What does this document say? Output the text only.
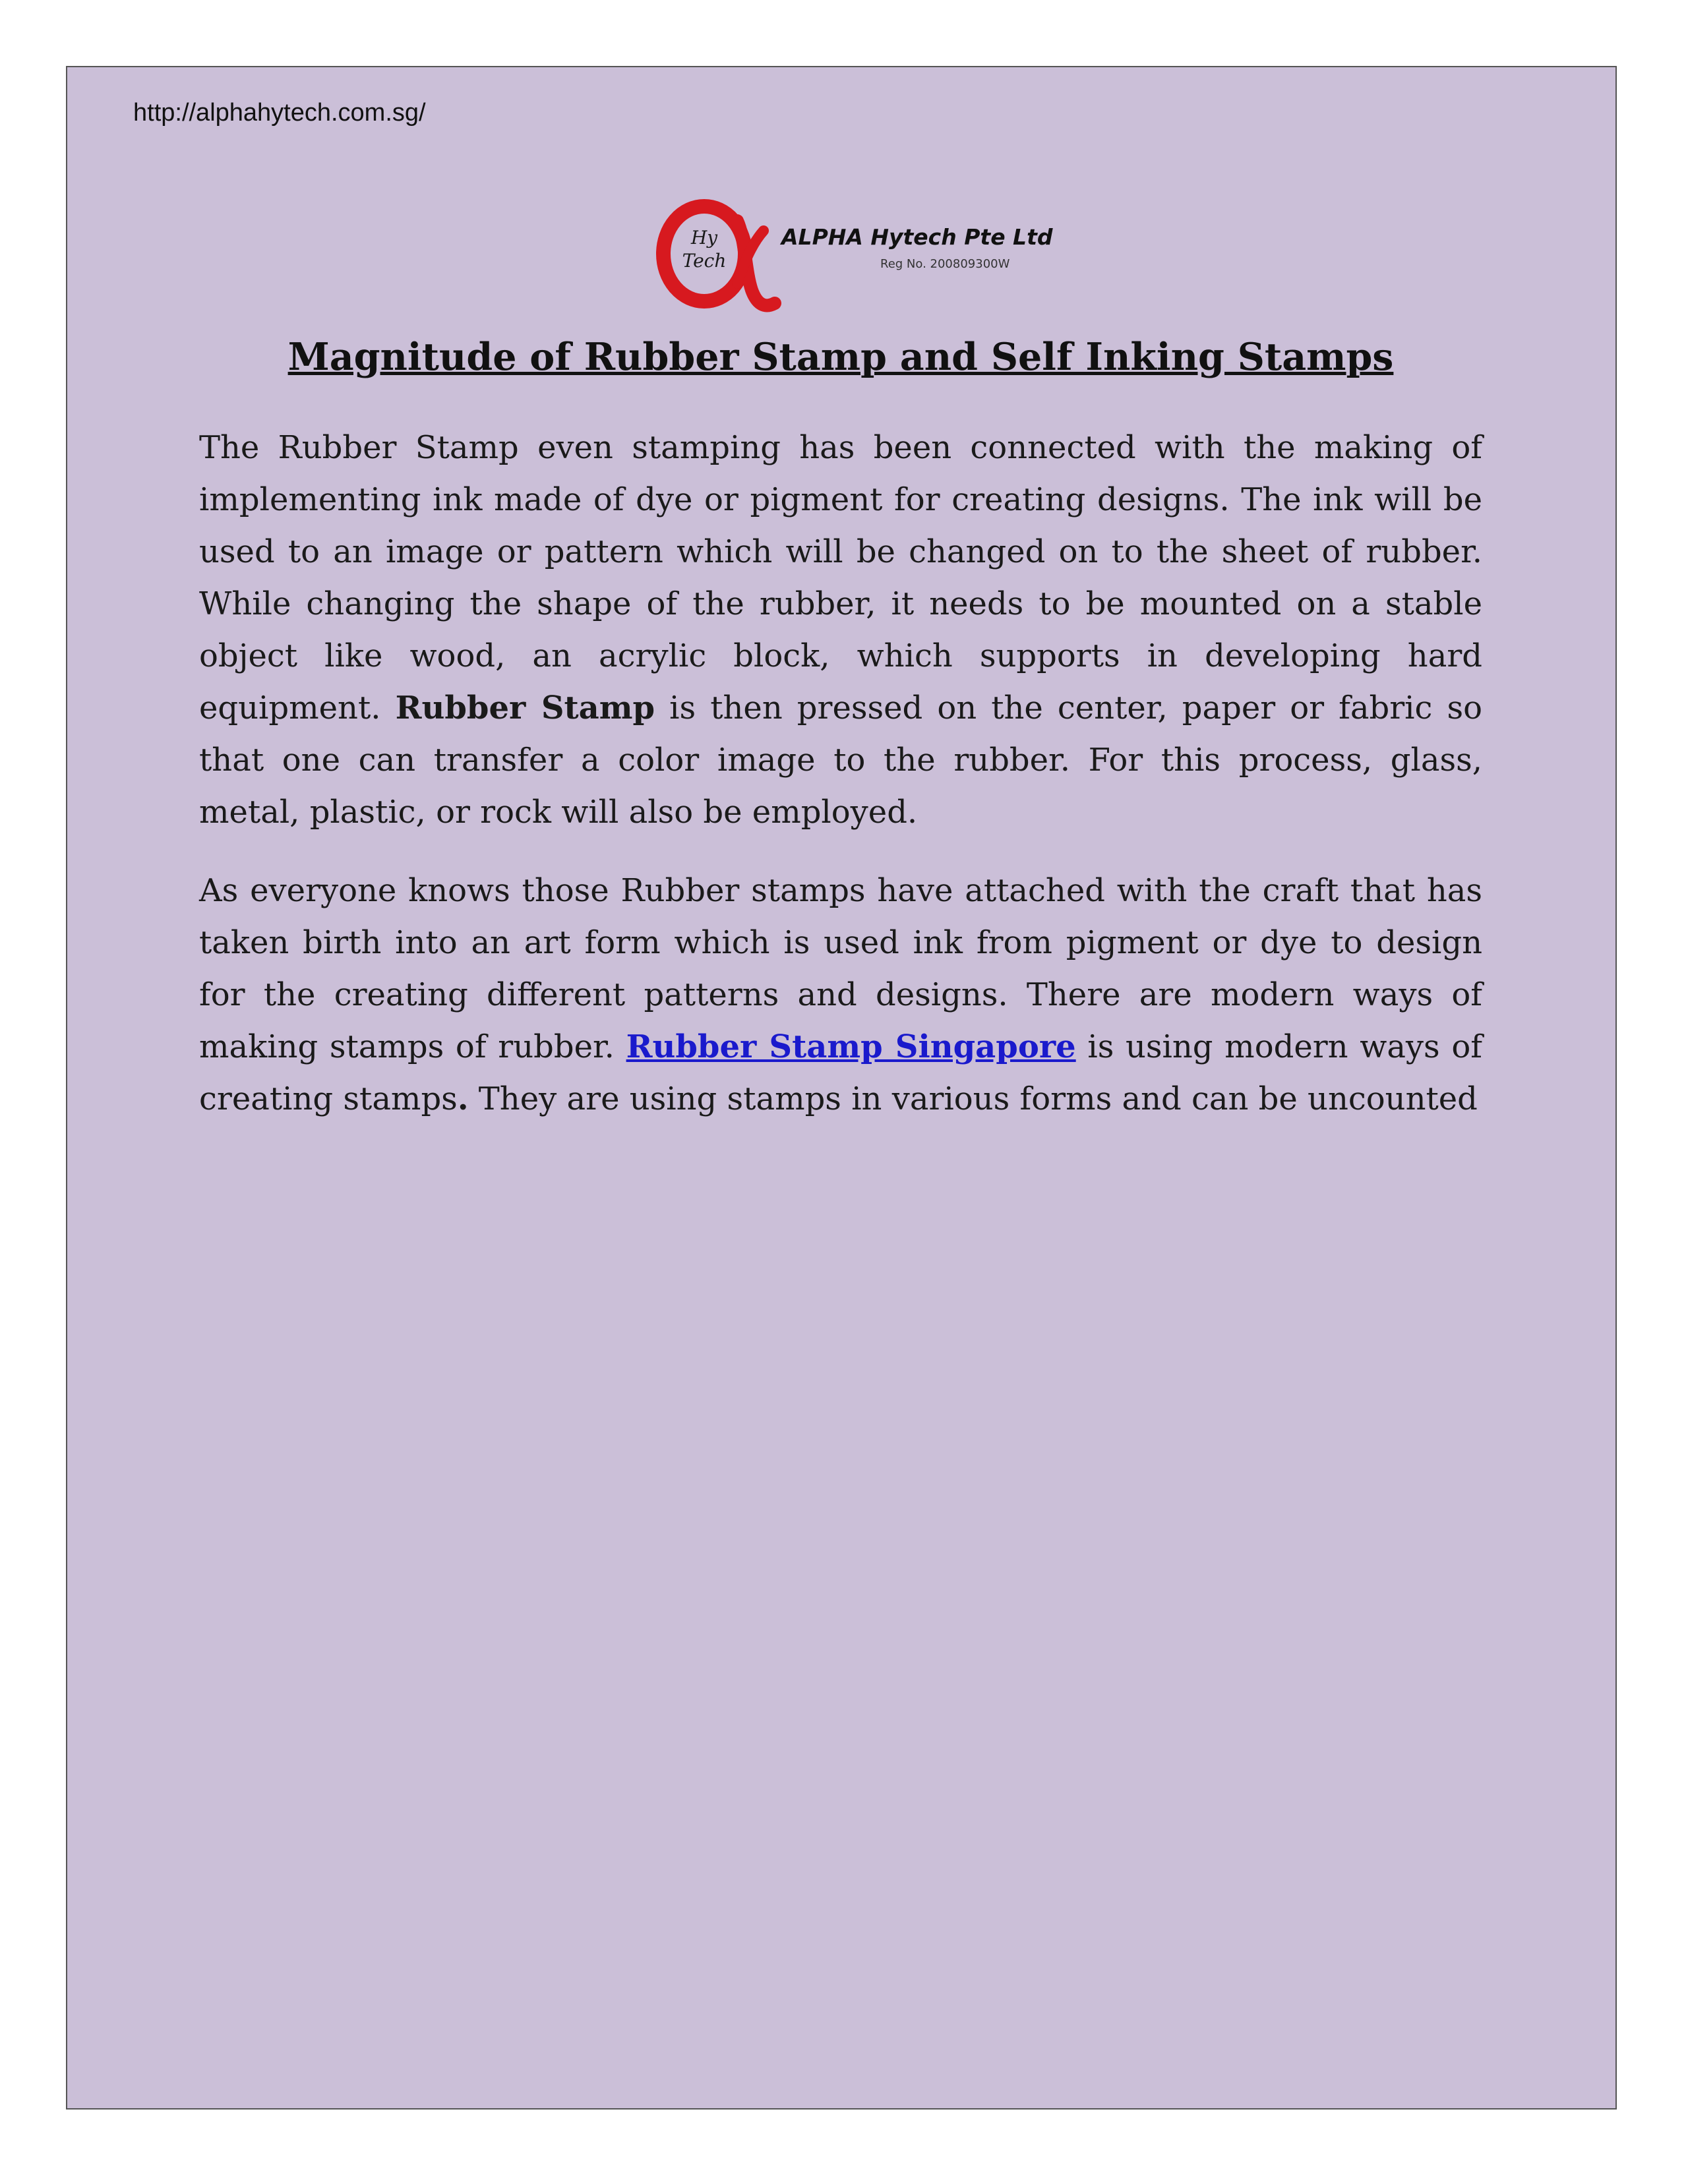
http://alphahytech.com.sg/
Hy
Tech
ALPHA Hytech Pte Ltd
Reg No. 200809300W
Magnitude of Rubber Stamp and Self Inking Stamps

The Rubber Stamp even stamping has been connected with the making of implementing ink made of dye or pigment for creating designs. The ink will be used to an image or pattern which will be changed on to the sheet of rubber. While changing the shape of the rubber, it needs to be mounted on a stable object like wood, an acrylic block, which supports in developing hard equipment. Rubber Stamp is then pressed on the center, paper or fabric so that one can transfer a color image to the rubber. For this process, glass, metal, plastic, or rock will also be employed.

As everyone knows those Rubber stamps have attached with the craft that has taken birth into an art form which is used ink from pigment or dye to design for the creating different patterns and designs. There are modern ways of making stamps of rubber. Rubber Stamp Singapore is using modern ways of creating stamps. They are using stamps in various forms and can be uncounted
